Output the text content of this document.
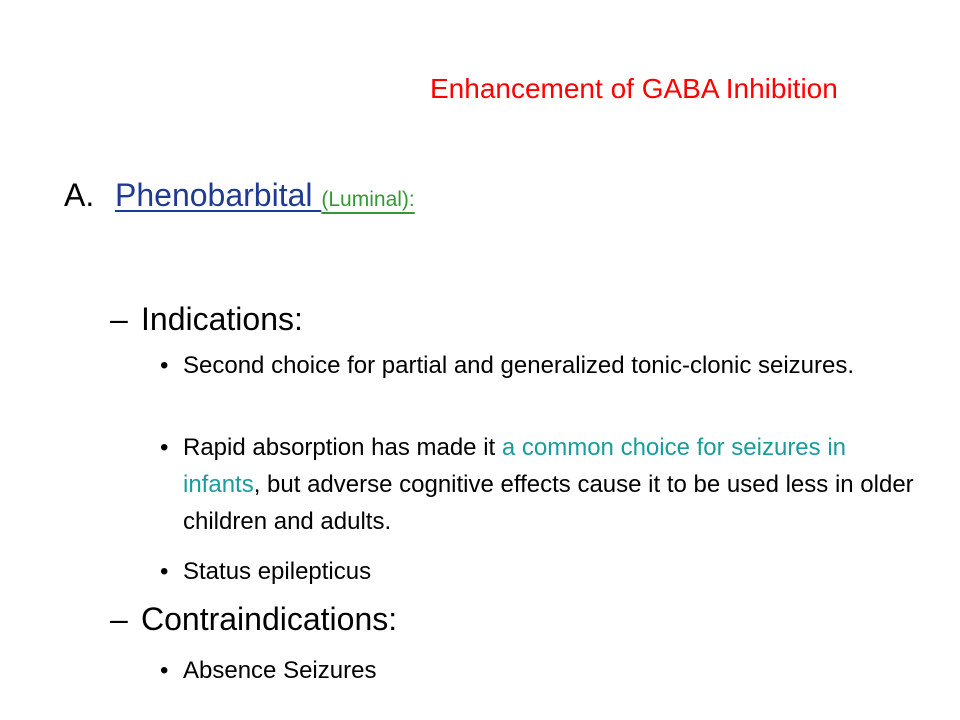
Enhancement of GABA Inhibition
A. Phenobarbital (Luminal):
– Indications:
• Second choice for partial and generalized tonic-clonic seizures.
• Rapid absorption has made it a common choice for seizures in infants, but adverse cognitive effects cause it to be used less in older children and adults.
• Status epilepticus
– Contraindications:
• Absence Seizures
